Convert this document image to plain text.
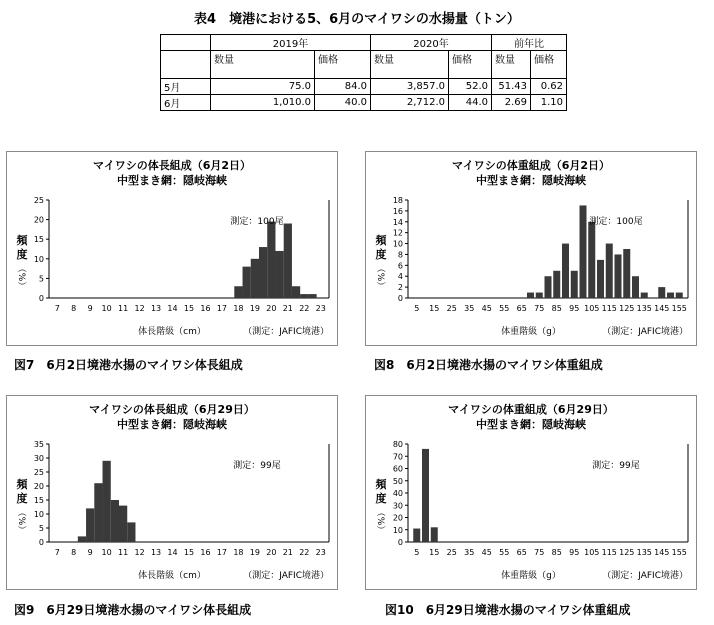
表4　境港における5、6月のマイワシの水揚量（トン）
	2019年		2020年		前年比	
	数量	価格	数量	価格	数量	価格
5月	75.0	84.0	3,857.0	52.0	51.43	0.62
6月	1,010.0	40.0	2,712.0	44.0	2.69	1.10
マイワシの体長組成（6月2日）
中型まき網：隠岐海峡
0
5
10
15
20
25
7 8 9 10 11 12 13 14 15 16 17 18 19 20 21 22 23
測定：100尾
頻
度
（%）
体長階級（cm）	（測定：JAFIC境港）
図7　6月2日境港水揚のマイワシ体長組成
マイワシの体重組成（6月2日）
中型まき網：隠岐海峡
0
2
4
6
8
10
12
14
16
18
5 15 25 35 45 55 65 75 85 95 105 115 125 135 145 155
測定：100尾
頻
度
（%）
体重階級（g）	（測定：JAFIC境港）
図8　6月2日境港水揚のマイワシ体重組成
マイワシの体長組成（6月29日）
中型まき網：隠岐海峡
0
5
10
15
20
25
30
35
7 8 9 10 11 12 13 14 15 16 17 18 19 20 21 22 23
測定：99尾
頻
度
（%）
体長階級（cm）	（測定：JAFIC境港）
図9　6月29日境港水揚のマイワシ体長組成
マイワシの体重組成（6月29日）
中型まき網：隠岐海峡
0
10
20
30
40
50
60
70
80
5 15 25 35 45 55 65 75 85 95 105 115 125 135 145 155
測定：99尾
頻
度
（%）
体重階級（g）	（測定：JAFIC境港）
図10　6月29日境港水揚のマイワシ体重組成
